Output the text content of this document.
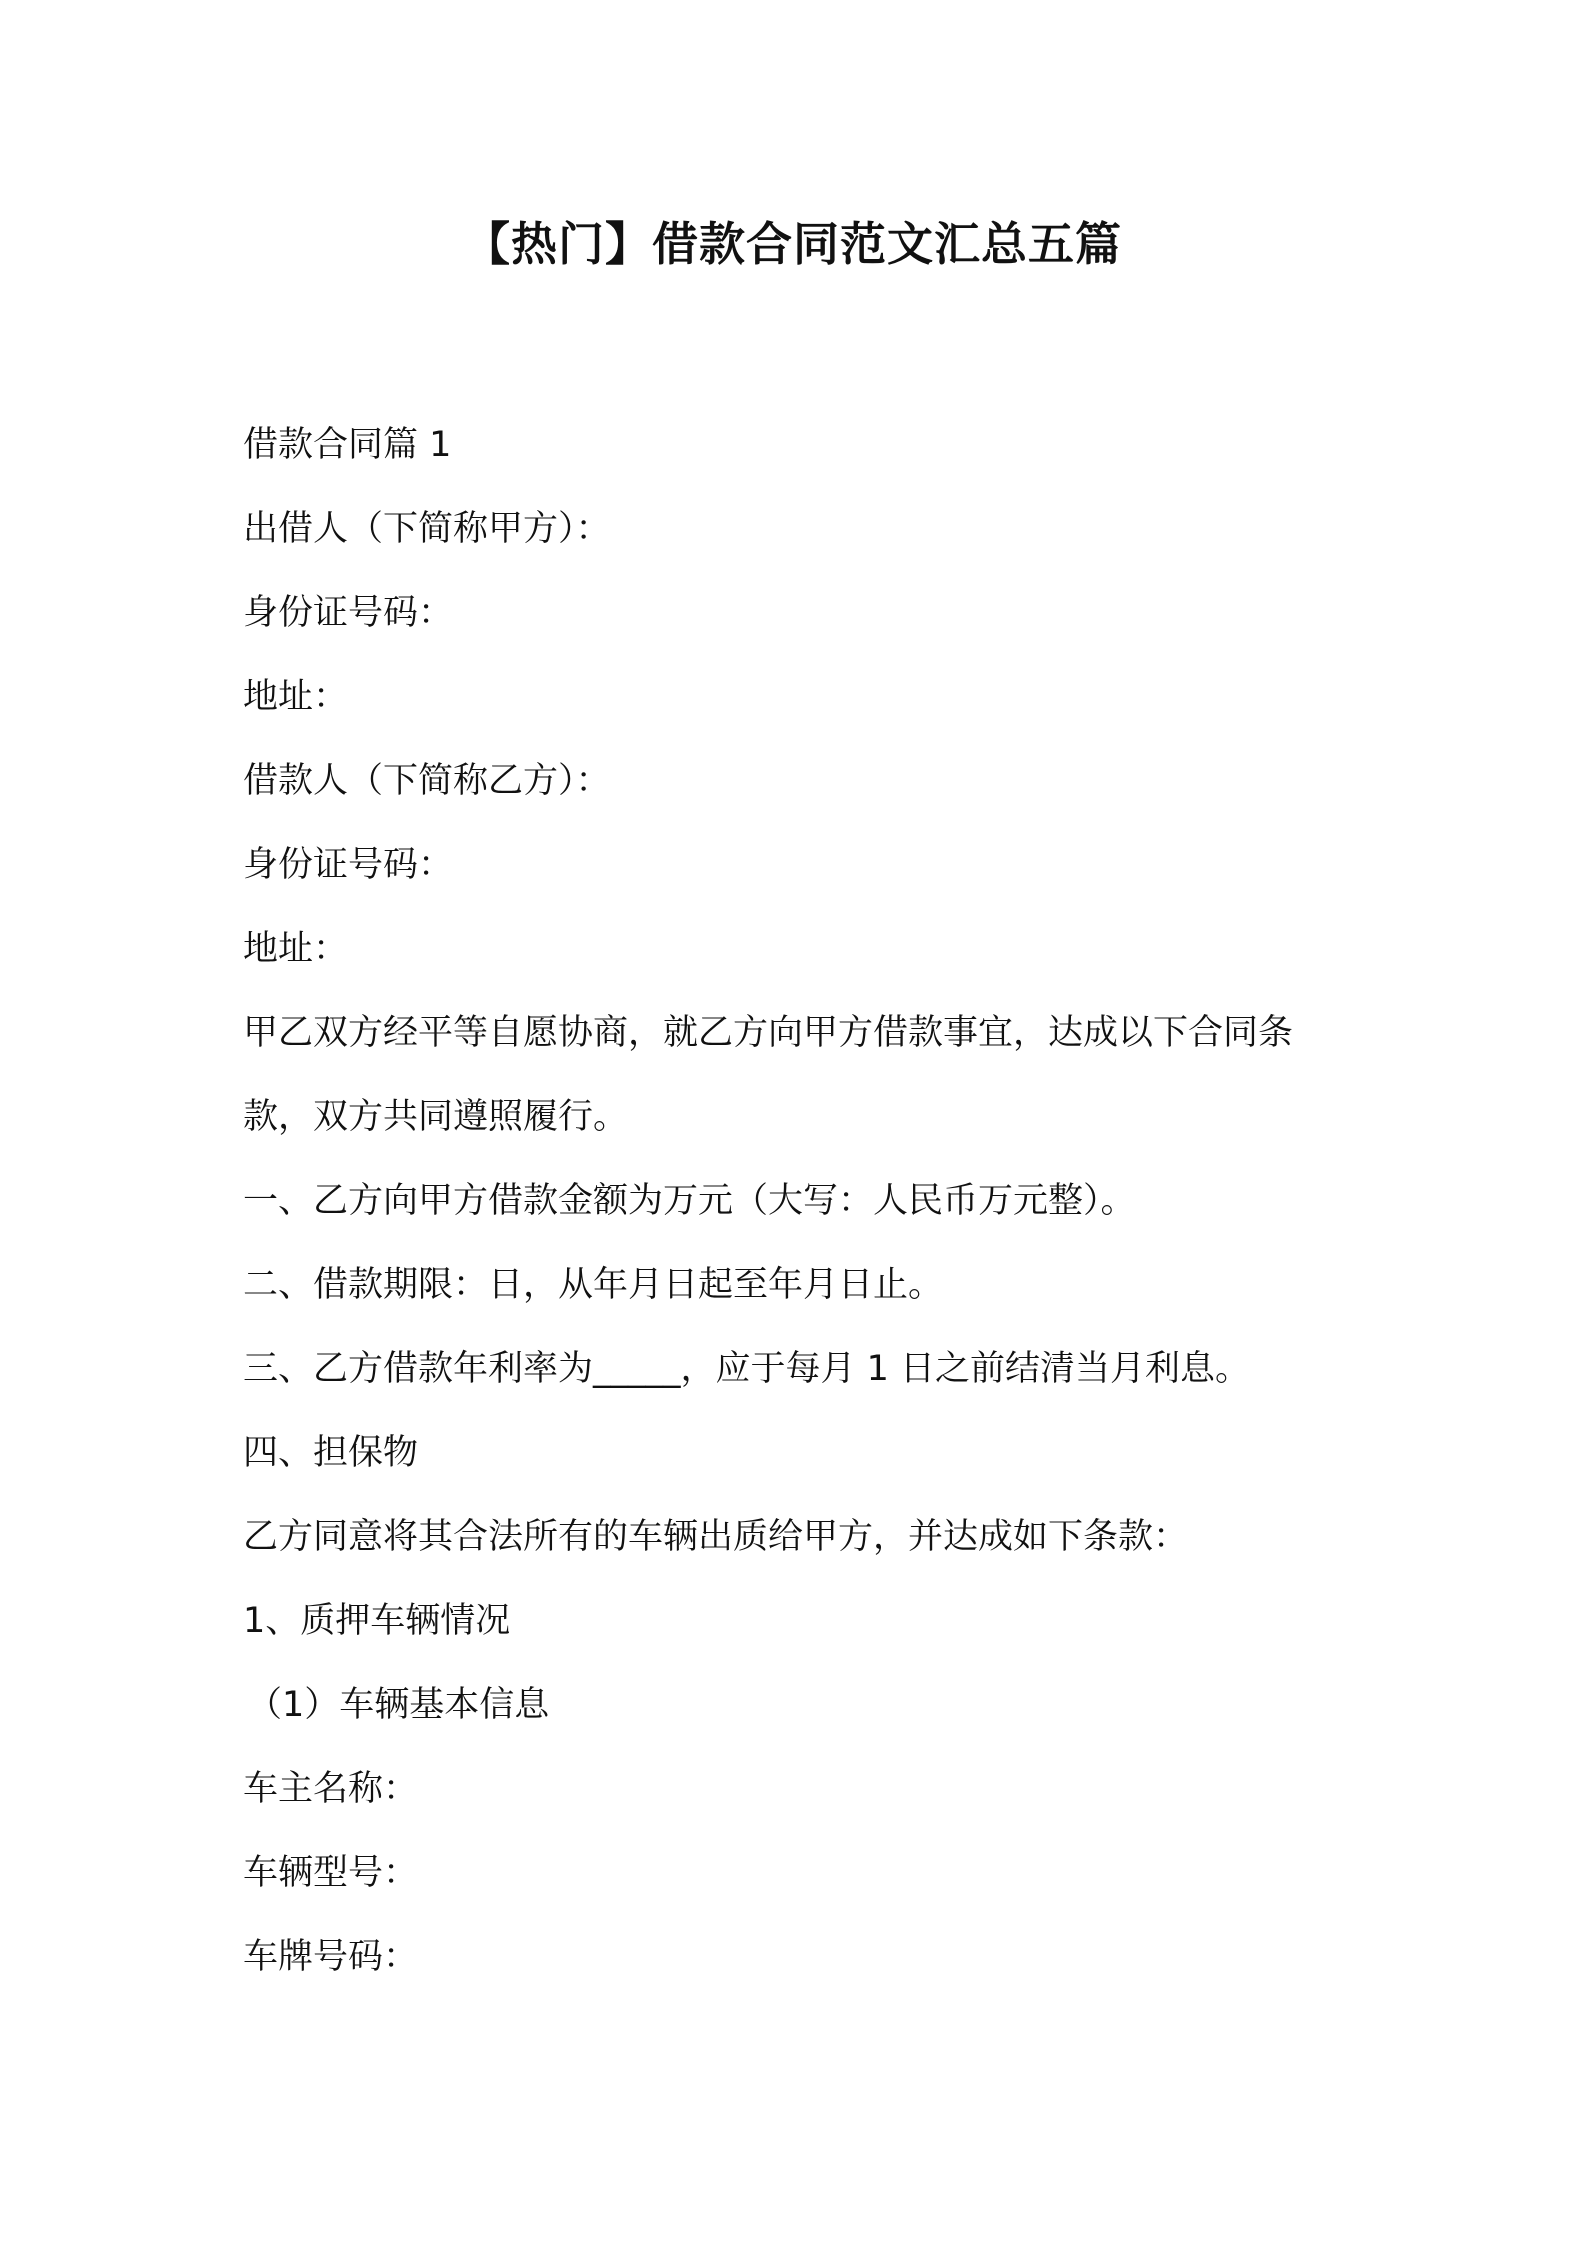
【热门】借款合同范文汇总五篇

借款合同篇 1

出借人（下简称甲方）：

身份证号码：

地址：

借款人（下简称乙方）：

身份证号码：

地址：

甲乙双方经平等自愿协商，就乙方向甲方借款事宜，达成以下合同条

款，双方共同遵照履行。

一、乙方向甲方借款金额为万元（大写：人民币万元整）。

二、借款期限：日，从年月日起至年月日止。

三、乙方借款年利率为_____，应于每月 1 日之前结清当月利息。

四、担保物

乙方同意将其合法所有的车辆出质给甲方，并达成如下条款：

1、质押车辆情况

（1）车辆基本信息

车主名称：

车辆型号：

车牌号码：
